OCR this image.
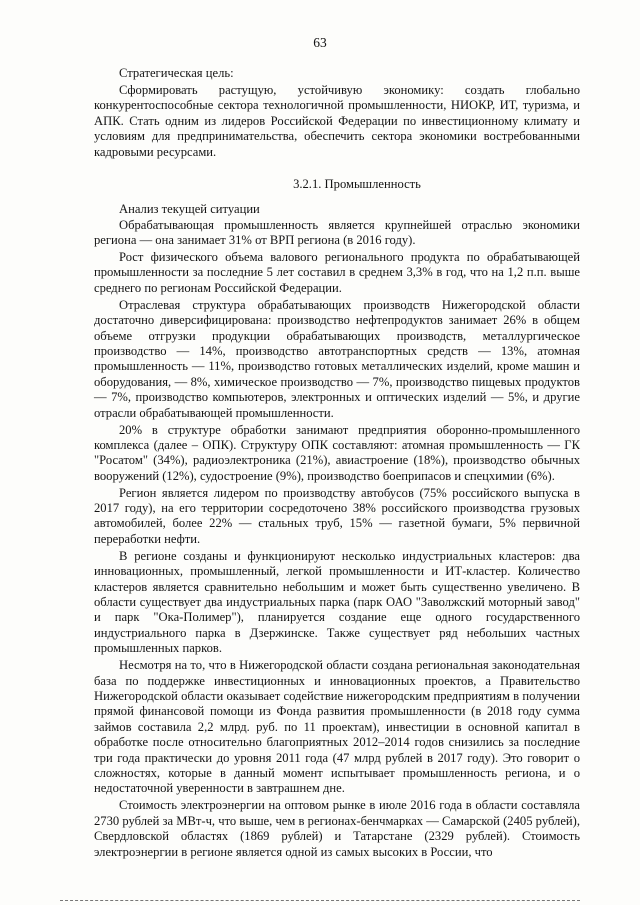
63

Стратегическая цель:

Сформировать растущую, устойчивую экономику: создать глобально конкурентоспособные сектора технологичной промышленности, НИОКР, ИТ, туризма, и АПК. Стать одним из лидеров Российской Федерации по инвестиционному климату и условиям для предпринимательства, обеспечить сектора экономики востребованными кадровыми ресурсами.

3.2.1. Промышленность
Анализ текущей ситуации

Обрабатывающая промышленность является крупнейшей отраслью экономики региона — она занимает 31% от ВРП региона (в 2016 году).

Рост физического объема валового регионального продукта по обрабатывающей промышленности за последние 5 лет составил в среднем 3,3% в год, что на 1,2 п.п. выше среднего по регионам Российской Федерации.

Отраслевая структура обрабатывающих производств Нижегородской области достаточно диверсифицирована: производство нефтепродуктов занимает 26% в общем объеме отгрузки продукции обрабатывающих производств, металлургическое производство — 14%, производство автотранспортных средств — 13%, атомная промышленность — 11%, производство готовых металлических изделий, кроме машин и оборудования, — 8%, химическое производство — 7%, производство пищевых продуктов — 7%, производство компьютеров, электронных и оптических изделий — 5%, и другие отрасли обрабатывающей промышленности.

20% в структуре обработки занимают предприятия оборонно-промышленного комплекса (далее – ОПК). Структуру ОПК составляют: атомная промышленность — ГК "Росатом" (34%), радиоэлектроника (21%), авиастроение (18%), производство обычных вооружений (12%), судостроение (9%), производство боеприпасов и спецхимии (6%).

Регион является лидером по производству автобусов (75% российского выпуска в 2017 году), на его территории сосредоточено 38% российского производства грузовых автомобилей, более 22% — стальных труб, 15% — газетной бумаги, 5% первичной переработки нефти.

В регионе созданы и функционируют несколько индустриальных кластеров: два инновационных, промышленный, легкой промышленности и ИТ-кластер. Количество кластеров является сравнительно небольшим и может быть существенно увеличено. В области существует два индустриальных парка (парк ОАО "Заволжский моторный завод" и парк "Ока-Полимер"), планируется создание еще одного государственного индустриального парка в Дзержинске. Также существует ряд небольших частных промышленных парков.

Несмотря на то, что в Нижегородской области создана региональная законодательная база по поддержке инвестиционных и инновационных проектов, а Правительство Нижегородской области оказывает содействие нижегородским предприятиям в получении прямой финансовой помощи из Фонда развития промышленности (в 2018 году сумма займов составила 2,2 млрд. руб. по 11 проектам), инвестиции в основной капитал в обработке после относительно благоприятных 2012–2014 годов снизились за последние три года практически до уровня 2011 года (47 млрд рублей в 2017 году). Это говорит о сложностях, которые в данный момент испытывает промышленность региона, и о недостаточной уверенности в завтрашнем дне.

Стоимость электроэнергии на оптовом рынке в июле 2016 года в области составляла 2730 рублей за МВт-ч, что выше, чем в регионах-бенчмарках — Самарской (2405 рублей), Свердловской областях (1869 рублей) и Татарстане (2329 рублей). Стоимость электроэнергии в регионе является одной из самых высоких в России, что
